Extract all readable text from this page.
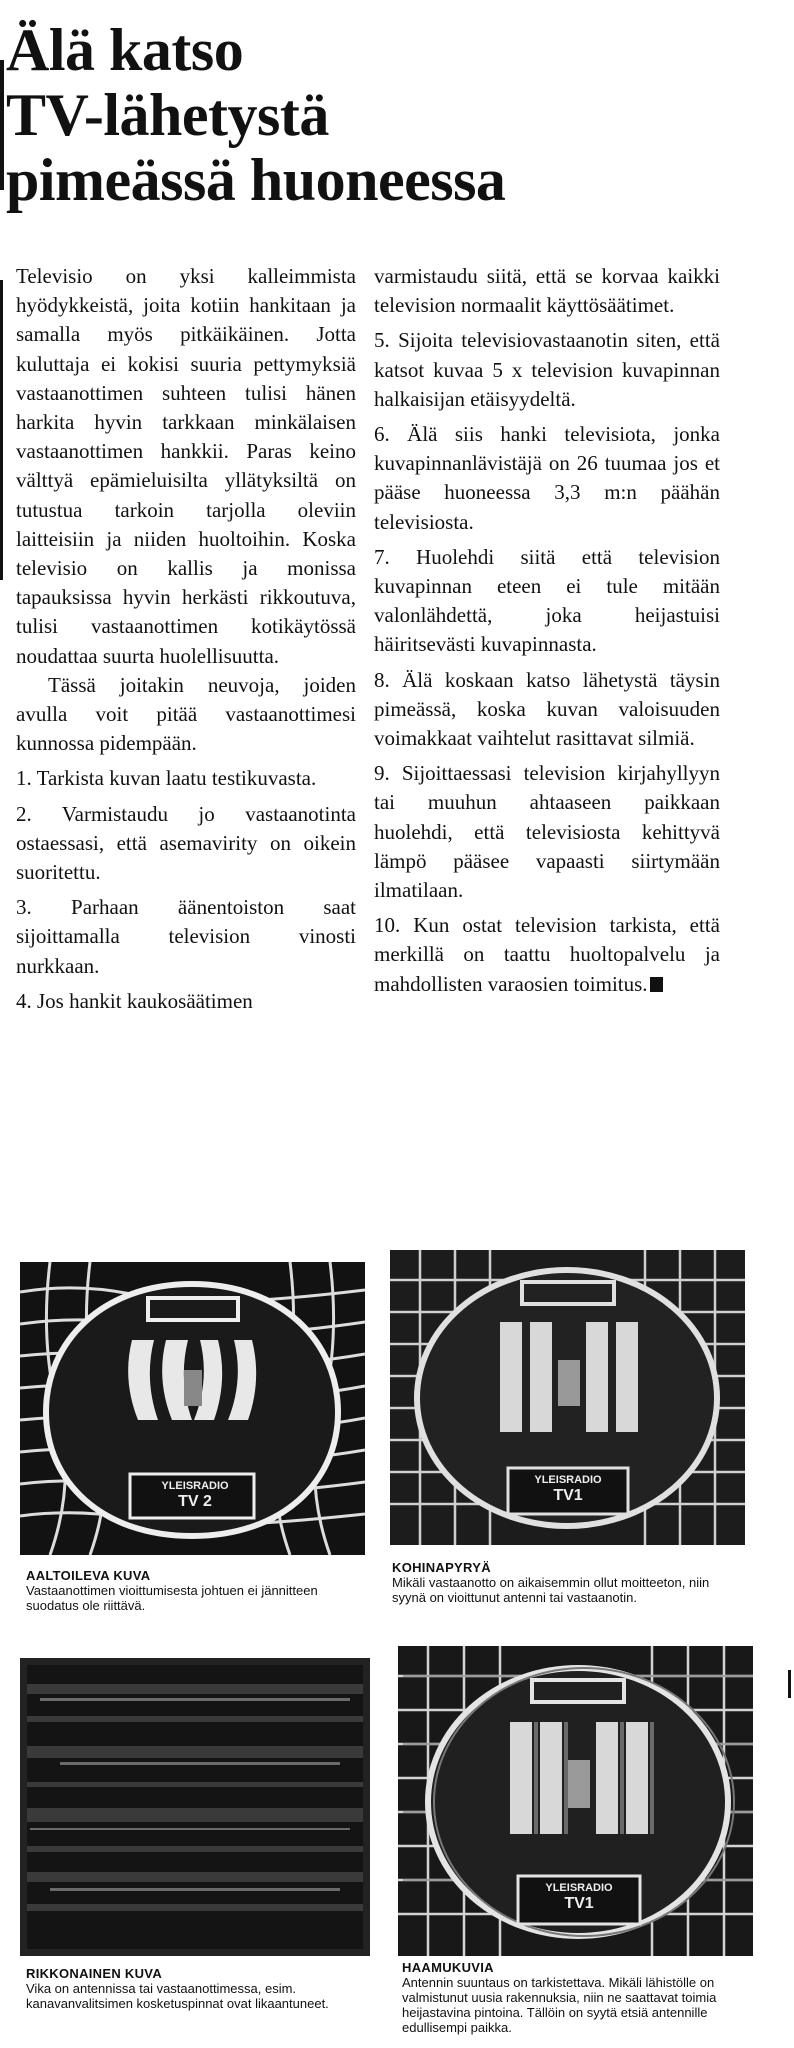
Älä katso
TV-lähetystä
pimeässä huoneessa

Televisio on yksi kalleimmista hyödykkeistä, joita kotiin hankitaan ja samalla myös pitkäikäinen. Jotta kuluttaja ei kokisi suuria pettymyksiä vastaanottimen suhteen tulisi hänen harkita hyvin tarkkaan minkälaisen vastaanottimen hankkii. Paras keino välttyä epämieluisilta yllätyksiltä on tutustua tarkoin tarjolla oleviin laitteisiin ja niiden huoltoihin. Koska televisio on kallis ja monissa tapauksissa hyvin herkästi rikkoutuva, tulisi vastaanottimen kotikäytössä noudattaa suurta huolellisuutta.

Tässä joitakin neuvoja, joiden avulla voit pitää vastaanottimesi kunnossa pidempään.

1. Tarkista kuvan laatu testikuvasta.

2. Varmistaudu jo vastaanotinta ostaessasi, että asemavirity on oikein suoritettu.

3. Parhaan äänentoiston saat sijoittamalla television vinosti nurkkaan.

4. Jos hankit kaukosäätimen

varmistaudu siitä, että se korvaa kaikki television normaalit käyttösäätimet.

5. Sijoita televisiovastaanotin siten, että katsot kuvaa 5 x television kuvapinnan halkaisijan etäisyydeltä.

6. Älä siis hanki televisiota, jonka kuvapinnanlävistäjä on 26 tuumaa jos et pääse huoneessa 3,3 m:n päähän televisiosta.

7. Huolehdi siitä että television kuvapinnan eteen ei tule mitään valonlähdettä, joka heijastuisi häiritsevästi kuvapinnasta.

8. Älä koskaan katso lähetystä täysin pimeässä, koska kuvan valoisuuden voimakkaat vaihtelut rasittavat silmiä.

9. Sijoittaessasi television kirjahyllyyn tai muuhun ahtaaseen paikkaan huolehdi, että televisiosta kehittyvä lämpö pääsee vapaasti siirtymään ilmatilaan.

10. Kun ostat television tarkista, että merkillä on taattu huoltopalvelu ja mahdollisten varaosien toimitus.

YLEISRADIO
TV 2
YLEISRADIO
TV1
YLEISRADIO
TV1
AALTOILEVA KUVA
Vastaanottimen vioittumisesta johtuen ei jännitteen suodatus ole riittävä.
KOHINAPYRYÄ
Mikäli vastaanotto on aikaisemmin ollut moitteeton, niin syynä on vioittunut antenni tai vastaanotin.
RIKKONAINEN KUVA
Vika on antennissa tai vastaanottimessa, esim. kanavanvalitsimen kosketuspinnat ovat likaantuneet.
HAAMUKUVIA
Antennin suuntaus on tarkistettava. Mikäli lähistölle on valmistunut uusia rakennuksia, niin ne saattavat toimia heijastavina pintoina. Tällöin on syytä etsiä antennille edullisempi paikka.
